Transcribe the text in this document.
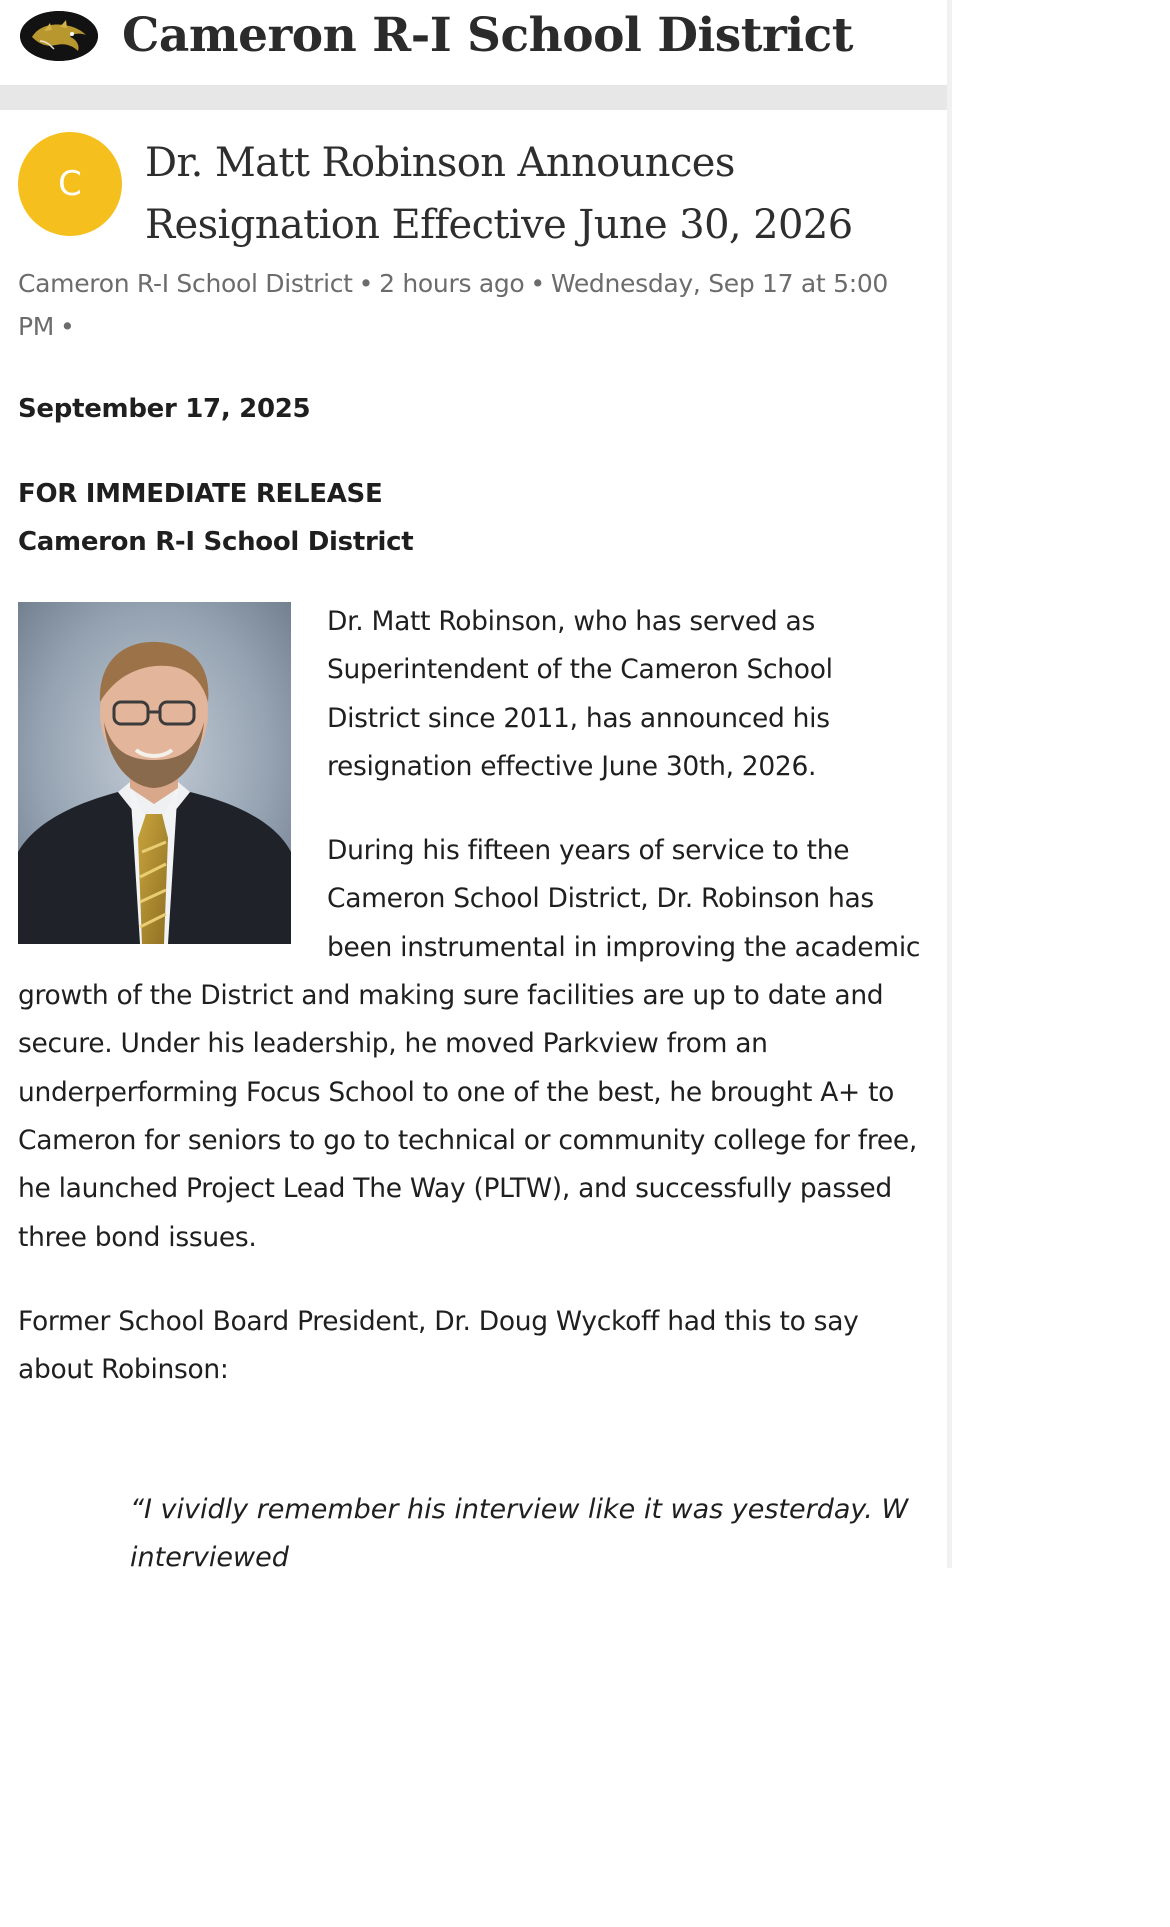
Cameron R-I School District
C	Dr. Matt Robinson Announces Resignation Effective June 30, 2026
Cameron R-I School District • 2 hours ago • Wednesday, Sep 17 at 5:00 PM •

September 17, 2025

FOR IMMEDIATE RELEASE
Cameron R-I School District

Dr. Matt Robinson, who has served as Superintendent of the Cameron School District since 2011, has announced his resignation effective June 30th, 2026.

During his fifteen years of service to the Cameron School District, Dr. Robinson has been instrumental in improving the academic growth of the District and making sure facilities are up to date and secure. Under his leadership, he moved Parkview from an underperforming Focus School to one of the best, he brought A+ to Cameron for seniors to go to technical or community college for free, he launched Project Lead The Way (PLTW), and successfully passed three bond issues.

Former School Board President, Dr. Doug Wyckoff had this to say about Robinson:

“I vividly remember his interview like it was yesterday. W
interviewed
